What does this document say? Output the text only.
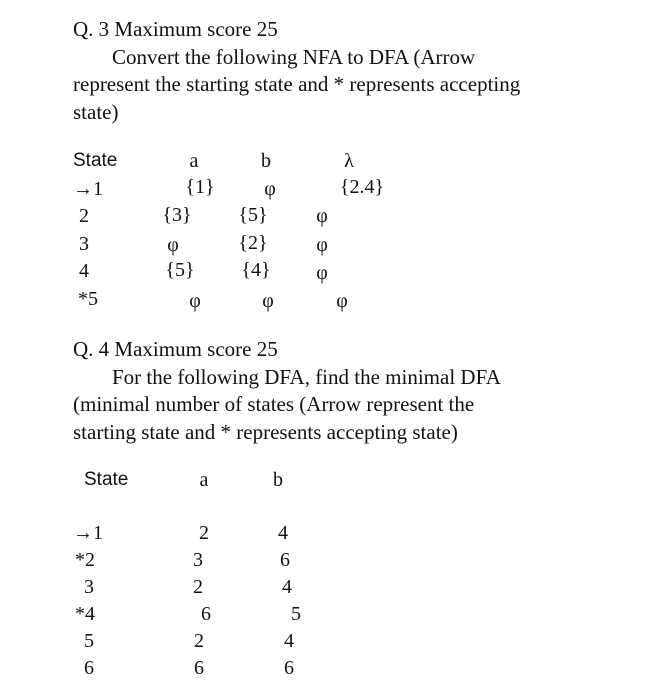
Q. 3 Maximum score 25
Convert the following NFA to DFA (Arrow
represent the starting state and * represents accepting
state)
State	a	b	λ
→1	{1} φ	{2.4}
2	{3} {5} φ
3	φ	{2} φ
4	{5} {4} φ
*5	φ	φ	φ
Q. 4 Maximum score 25
For the following DFA, find the minimal DFA
(minimal number of states (Arrow represent the
starting state and * represents accepting state)
State	a	b
→1	2	4
*2	3	6
3	2	4
*4	6	5
5	2	4
6	6	6
